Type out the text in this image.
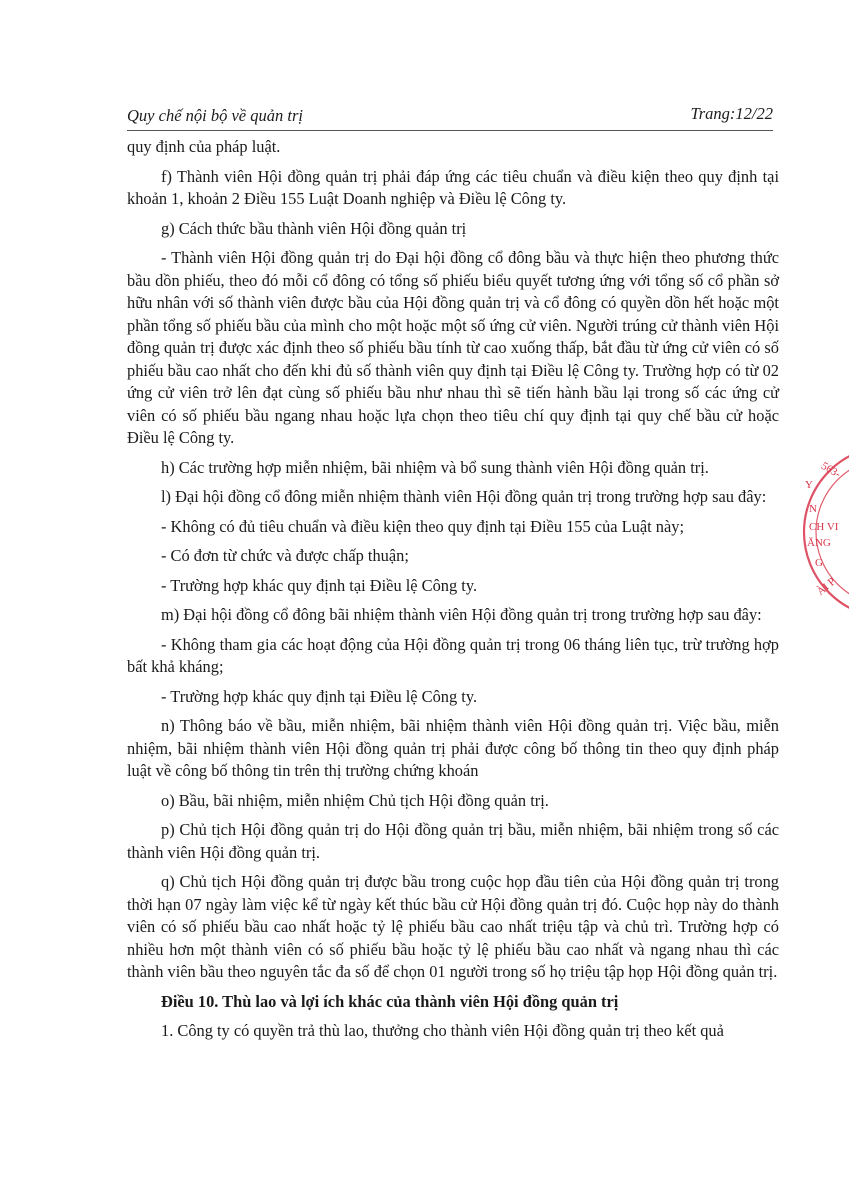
Quy chế nội bộ về quản trị	Trang:12/22

quy định của pháp luật.

f) Thành viên Hội đồng quản trị phải đáp ứng các tiêu chuẩn và điều kiện theo quy định tại khoản 1, khoản 2 Điều 155 Luật Doanh nghiệp và Điều lệ Công ty.

g) Cách thức bầu thành viên Hội đồng quản trị

- Thành viên Hội đồng quản trị do Đại hội đồng cổ đông bầu và thực hiện theo phương thức bầu dồn phiếu, theo đó mỗi cổ đông có tổng số phiếu biểu quyết tương ứng với tổng số cổ phần sở hữu nhân với số thành viên được bầu của Hội đồng quản trị và cổ đông có quyền dồn hết hoặc một phần tổng số phiếu bầu của mình cho một hoặc một số ứng cử viên. Người trúng cử thành viên Hội đồng quản trị được xác định theo số phiếu bầu tính từ cao xuống thấp, bắt đầu từ ứng cử viên có số phiếu bầu cao nhất cho đến khi đủ số thành viên quy định tại Điều lệ Công ty. Trường hợp có từ 02 ứng cử viên trở lên đạt cùng số phiếu bầu như nhau thì sẽ tiến hành bầu lại trong số các ứng cử viên có số phiếu bầu ngang nhau hoặc lựa chọn theo tiêu chí quy định tại quy chế bầu cử hoặc Điều lệ Công ty.

h) Các trường hợp miễn nhiệm, bãi nhiệm và bổ sung thành viên Hội đồng quản trị.

l) Đại hội đồng cổ đông miễn nhiệm thành viên Hội đồng quản trị trong trường hợp sau đây:

- Không có đủ tiêu chuẩn và điều kiện theo quy định tại Điều 155 của Luật này;

- Có đơn từ chức và được chấp thuận;

- Trường hợp khác quy định tại Điều lệ Công ty.

m) Đại hội đồng cổ đông bãi nhiệm thành viên Hội đồng quản trị trong trường hợp sau đây:

- Không tham gia các hoạt động của Hội đồng quản trị trong 06 tháng liên tục, trừ trường hợp bất khả kháng;

- Trường hợp khác quy định tại Điều lệ Công ty.

n) Thông báo về bầu, miễn nhiệm, bãi nhiệm thành viên Hội đồng quản trị. Việc bầu, miễn nhiệm, bãi nhiệm thành viên Hội đồng quản trị phải được công bố thông tin theo quy định pháp luật về công bố thông tin trên thị trường chứng khoán

o) Bầu, bãi nhiệm, miễn nhiệm Chủ tịch Hội đồng quản trị.

p) Chủ tịch Hội đồng quản trị do Hội đồng quản trị bầu, miễn nhiệm, bãi nhiệm trong số các thành viên Hội đồng quản trị.

q) Chủ tịch Hội đồng quản trị được bầu trong cuộc họp đầu tiên của Hội đồng quản trị trong thời hạn 07 ngày làm việc kể từ ngày kết thúc bầu cử Hội đồng quản trị đó. Cuộc họp này do thành viên có số phiếu bầu cao nhất hoặc tỷ lệ phiếu bầu cao nhất triệu tập và chủ trì. Trường hợp có nhiều hơn một thành viên có số phiếu bầu hoặc tỷ lệ phiếu bầu cao nhất và ngang nhau thì các thành viên bầu theo nguyên tắc đa số để chọn 01 người trong số họ triệu tập họp Hội đồng quản trị.

Điều 10. Thù lao và lợi ích khác của thành viên Hội đồng quản trị

1. Công ty có quyền trả thù lao, thưởng cho thành viên Hội đồng quản trị theo kết quả

563-
Y
N
CH VI
ĂNG
G
ÀI P
